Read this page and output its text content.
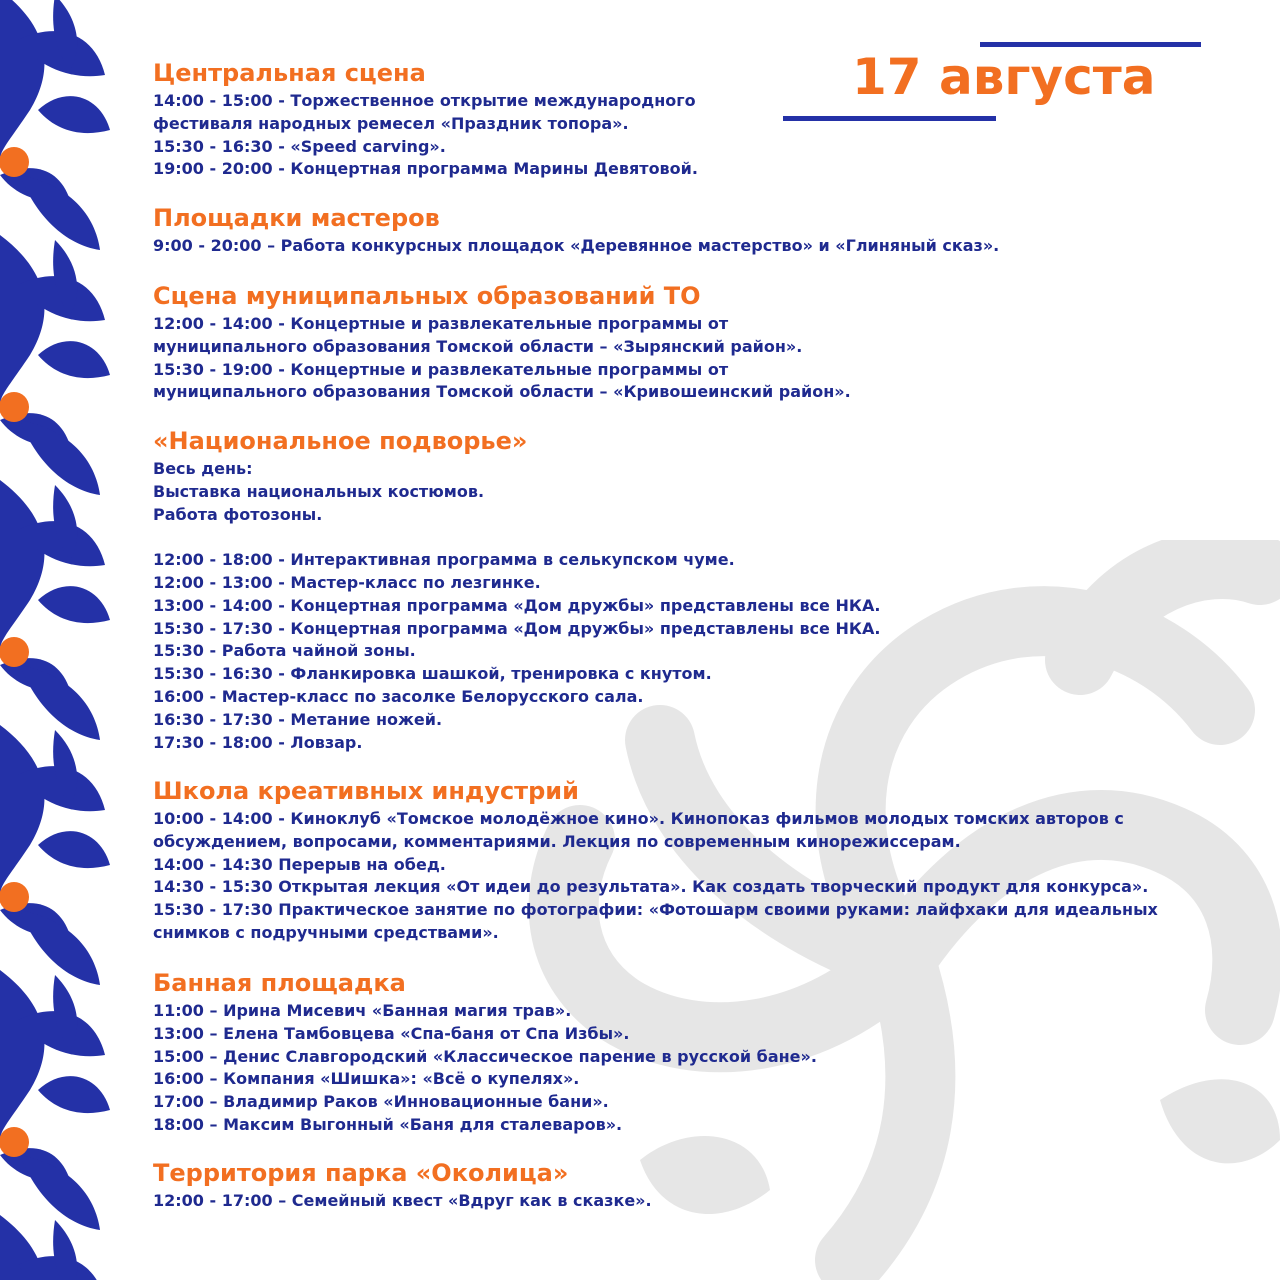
17 августа
Центральная сцена
14:00 - 15:00 - Торжественное открытие международного
фестиваля народных ремесел «Праздник топора».
15:30 - 16:30 - «Speed carving».
19:00 - 20:00 - Концертная программа Марины Девятовой.
Площадки мастеров
9:00 - 20:00 – Работа конкурсных площадок «Деревянное мастерство» и «Глиняный сказ».
Сцена муниципальных образований ТО
12:00 - 14:00 - Концертные и развлекательные программы от
муниципального образования Томской области – «Зырянский район».
15:30 - 19:00 - Концертные и развлекательные программы от
муниципального образования Томской области – «Кривошеинский район».
«Национальное подворье»
Весь день:
Выставка национальных костюмов.
Работа фотозоны.
12:00 - 18:00 - Интерактивная программа в селькупском чуме.
12:00 - 13:00 - Мастер-класс по лезгинке.
13:00 - 14:00 - Концертная программа «Дом дружбы» представлены все НКА.
15:30 - 17:30 - Концертная программа «Дом дружбы» представлены все НКА.
15:30 - Работа чайной зоны.
15:30 - 16:30 - Фланкировка шашкой, тренировка с кнутом.
16:00 - Мастер-класс по засолке Белорусского сала.
16:30 - 17:30 - Метание ножей.
17:30 - 18:00 - Ловзар.
Школа креативных индустрий
10:00 - 14:00 - Киноклуб «Томское молодёжное кино». Кинопоказ фильмов молодых томских авторов с
обсуждением, вопросами, комментариями. Лекция по современным кинорежиссерам.
14:00 - 14:30 Перерыв на обед.
14:30 - 15:30 Открытая лекция «От идеи до результата». Как создать творческий продукт для конкурса».
15:30 - 17:30 Практическое занятие по фотографии: «Фотошарм своими руками: лайфхаки для идеальных
снимков с подручными средствами».
Банная площадка
11:00 – Ирина Мисевич «Банная магия трав».
13:00 – Елена Тамбовцева «Спа-баня от Спа Избы».
15:00 – Денис Славгородский «Классическое парение в русской бане».
16:00 – Компания «Шишка»: «Всё о купелях».
17:00 – Владимир Раков «Инновационные бани».
18:00 – Максим Выгонный «Баня для сталеваров».
Территория парка «Околица»
12:00 - 17:00 – Семейный квест «Вдруг как в сказке».
